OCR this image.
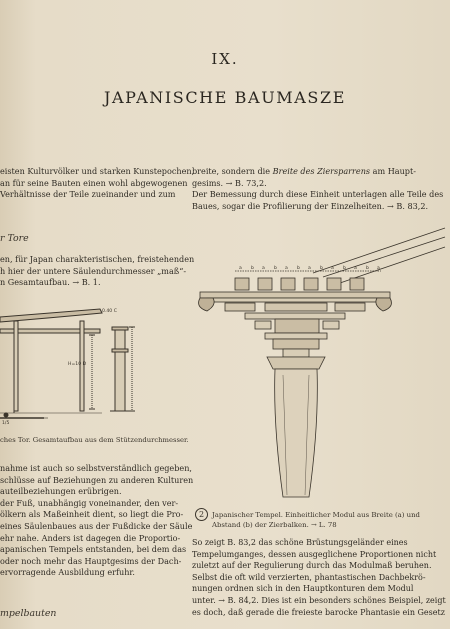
IX.
JAPANISCHE BAUMASZE

eisten Kulturvölker und starken Kunstepochen,

an für seine Bauten einen wohl abgewogenen

Verhältnisse der Teile zueinander und zum

r Tore

en, für Japan charakteristischen, freistehenden

h hier der untere Säulendurchmesser „maß“-

n Gesamtaufbau. → B. 1.

H=10 D
0.40 C
1/5
ches Tor. Gesamtaufbau aus dem Stützendurchmesser.

nahme ist auch so selbstverständlich gegeben,

schlüsse auf Beziehungen zu anderen Kulturen

auteilbeziehungen erübrigen.

der Fuß, unabhängig voneinander, den ver-

ölkern als Maßeinheit dient, so liegt die Pro-

eines Säulenbaues aus der Fußdicke der Säule

ehr nahe. Anders ist dagegen die Proportio-

apanischen Tempels entstanden, bei dem das

oder noch mehr das Hauptgesims der Dach-

ervorragende Ausbildung erfuhr.

mpelbauten

breite, sondern die Breite des Ziersparrens am Haupt-

gesims. → B. 73,2.

Der Bemessung durch diese Einheit unterlagen alle Teile des

Baues, sogar die Profilierung der Einzelheiten. → B. 83,2.

a b a b a b a b a b a b a
2 Japanischer Tempel. Einheitlicher Modul aus Breite (a) und
Abstand (b) der Zierbalken. → L. 78

So zeigt B. 83,2 das schöne Brüstungsgeländer eines

Tempelumganges, dessen ausgeglichene Proportionen nicht

zuletzt auf der Regulierung durch das Modulmaß beruhen.

Selbst die oft wild verzierten, phantastischen Dachbekrö-

nungen ordnen sich in den Hauptkonturen dem Modul

unter. → B. 84,2. Dies ist ein besonders schönes Beispiel, zeigt

es doch, daß gerade die freieste barocke Phantasie ein Gesetz
